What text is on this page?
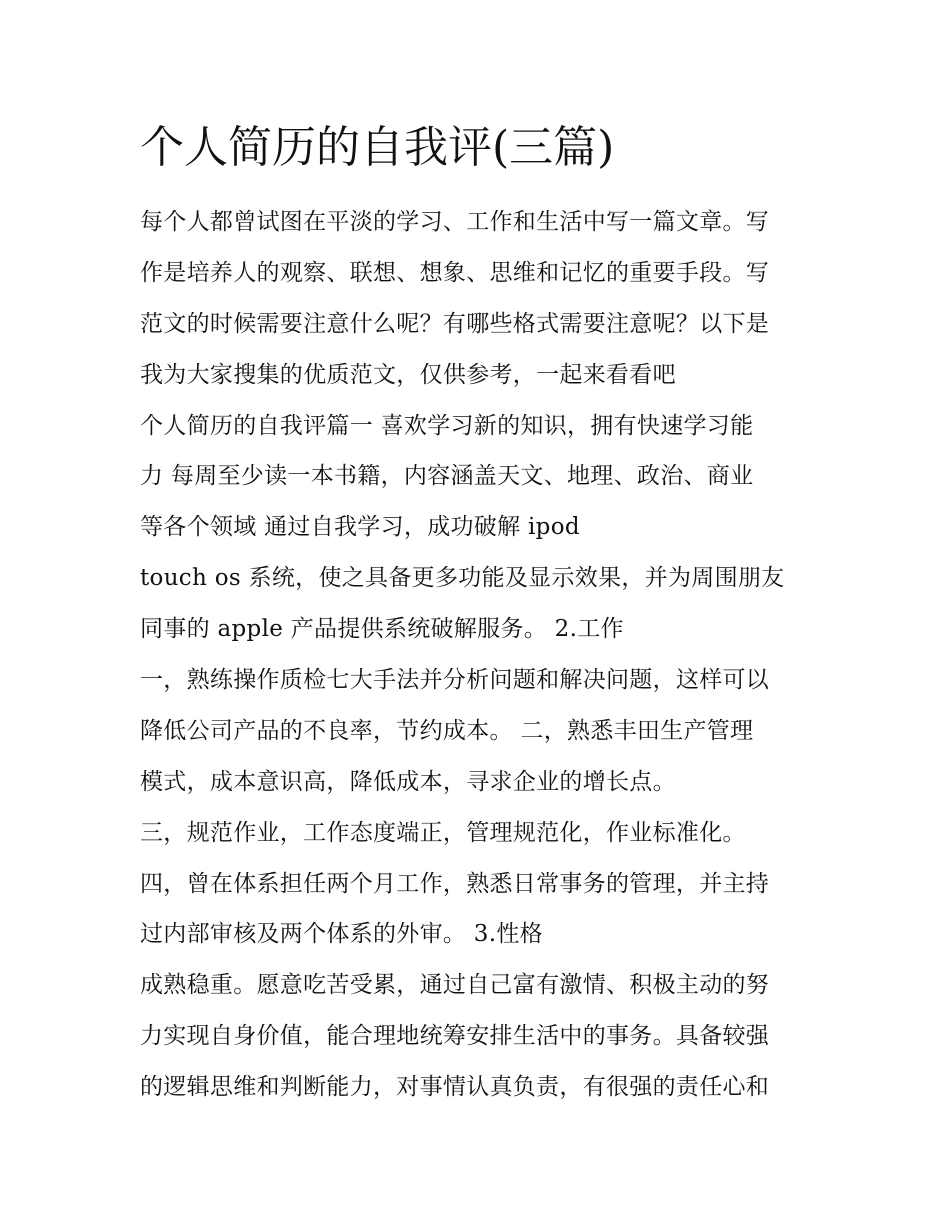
个人简历的自我评(三篇)
每个人都曾试图在平淡的学习、工作和生活中写一篇文章。写
作是培养人的观察、联想、想象、思维和记忆的重要手段。写
范文的时候需要注意什么呢？有哪些格式需要注意呢？以下是
我为大家搜集的优质范文，仅供参考，一起来看看吧
个人简历的自我评篇一 喜欢学习新的知识，拥有快速学习能
力 每周至少读一本书籍，内容涵盖天文、地理、政治、商业
等各个领域 通过自我学习，成功破解 ipod
touch os 系统，使之具备更多功能及显示效果，并为周围朋友
同事的 apple 产品提供系统破解服务。 2.工作
一，熟练操作质检七大手法并分析问题和解决问题，这样可以
降低公司产品的不良率，节约成本。 二，熟悉丰田生产管理
模式，成本意识高，降低成本，寻求企业的增长点。
三，规范作业，工作态度端正，管理规范化，作业标准化。
四，曾在体系担任两个月工作，熟悉日常事务的管理，并主持
过内部审核及两个体系的外审。 3.性格
成熟稳重。愿意吃苦受累，通过自己富有激情、积极主动的努
力实现自身价值，能合理地统筹安排生活中的事务。具备较强
的逻辑思维和判断能力，对事情认真负责，有很强的责任心和
